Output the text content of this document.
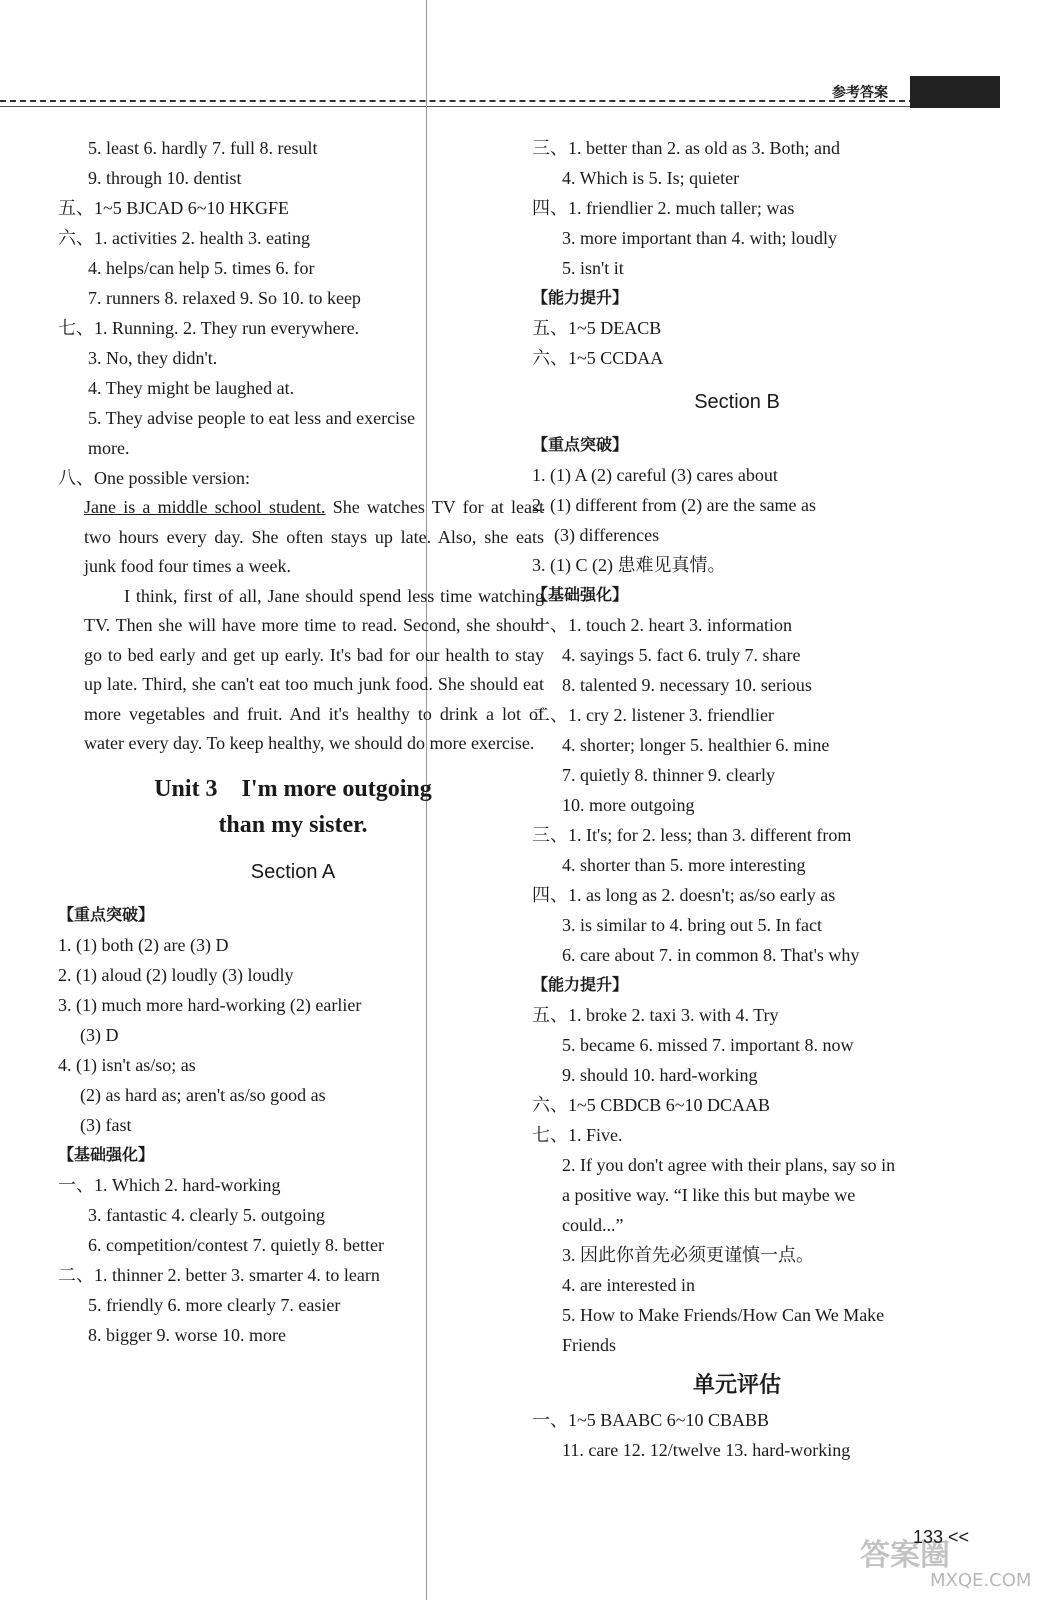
参考答案
5. least 6. hardly 7. full 8. result
9. through 10. dentist
五、1~5 BJCAD 6~10 HKGFE
六、1. activities 2. health 3. eating
4. helps/can help 5. times 6. for
7. runners 8. relaxed 9. So 10. to keep
七、1. Running. 2. They run everywhere.
3. No, they didn't.
4. They might be laughed at.
5. They advise people to eat less and exercise
more.
八、One possible version:

Jane is a middle school student. She watches TV for at least two hours every day. She often stays up late. Also, she eats junk food four times a week.

I think, first of all, Jane should spend less time watching TV. Then she will have more time to read. Second, she should go to bed early and get up early. It's bad for our health to stay up late. Third, she can't eat too much junk food. She should eat more vegetables and fruit. And it's healthy to drink a lot of water every day. To keep healthy, we should do more exercise.

Unit 3    I'm more outgoing
than my sister.
Section A
【重点突破】
1. (1) both (2) are (3) D
2. (1) aloud (2) loudly (3) loudly
3. (1) much more hard-working (2) earlier
(3) D
4. (1) isn't as/so; as
(2) as hard as; aren't as/so good as
(3) fast
【基础强化】
一、1. Which 2. hard-working
3. fantastic 4. clearly 5. outgoing
6. competition/contest 7. quietly 8. better
二、1. thinner 2. better 3. smarter 4. to learn
5. friendly 6. more clearly 7. easier
8. bigger 9. worse 10. more
三、1. better than 2. as old as 3. Both; and
4. Which is 5. Is; quieter
四、1. friendlier 2. much taller; was
3. more important than 4. with; loudly
5. isn't it
【能力提升】
五、1~5 DEACB
六、1~5 CCDAA
Section B
【重点突破】
1. (1) A (2) careful (3) cares about
2. (1) different from (2) are the same as
(3) differences
3. (1) C (2) 患难见真情。
【基础强化】
一、1. touch 2. heart 3. information
4. sayings 5. fact 6. truly 7. share
8. talented 9. necessary 10. serious
二、1. cry 2. listener 3. friendlier
4. shorter; longer 5. healthier 6. mine
7. quietly 8. thinner 9. clearly
10. more outgoing
三、1. It's; for 2. less; than 3. different from
4. shorter than 5. more interesting
四、1. as long as 2. doesn't; as/so early as
3. is similar to 4. bring out 5. In fact
6. care about 7. in common 8. That's why
【能力提升】
五、1. broke 2. taxi 3. with 4. Try
5. became 6. missed 7. important 8. now
9. should 10. hard-working
六、1~5 CBDCB 6~10 DCAAB
七、1. Five.
2. If you don't agree with their plans, say so in
a positive way. “I like this but maybe we
could...”
3. 因此你首先必须更谨慎一点。
4. are interested in
5. How to Make Friends/How Can We Make
Friends
单元评估
一、1~5 BAABC 6~10 CBABB
11. care 12. 12/twelve 13. hard-working
答案圈
MXQE.COM
133 <<
